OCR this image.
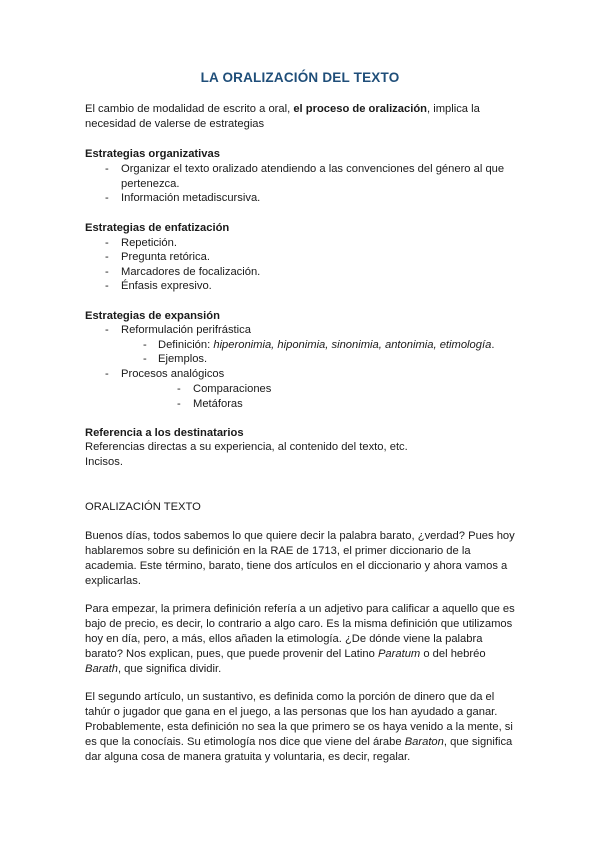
LA ORALIZACIÓN DEL TEXTO
El cambio de modalidad de escrito a oral, el proceso de oralización, implica la
necesidad de valerse de estrategias
Estrategias organizativas
- Organizar el texto oralizado atendiendo a las convenciones del género al que
pertenezca.
- Información metadiscursiva.
Estrategias de enfatización
- Repetición.
- Pregunta retórica.
- Marcadores de focalización.
- Énfasis expresivo.
Estrategias de expansión
- Reformulación perifrástica
- Definición: hiperonimia, hiponimia, sinonimia, antonimia, etimología.
- Ejemplos.
- Procesos analógicos
- Comparaciones
- Metáforas
Referencia a los destinatarios
Referencias directas a su experiencia, al contenido del texto, etc.
Incisos.
ORALIZACIÓN TEXTO
Buenos días, todos sabemos lo que quiere decir la palabra barato, ¿verdad? Pues hoy
hablaremos sobre su definición en la RAE de 1713, el primer diccionario de la
academia. Este término, barato, tiene dos artículos en el diccionario y ahora vamos a
explicarlas.
Para empezar, la primera definición refería a un adjetivo para calificar a aquello que es
bajo de precio, es decir, lo contrario a algo caro. Es la misma definición que utilizamos
hoy en día, pero, a más, ellos añaden la etimología. ¿De dónde viene la palabra
barato? Nos explican, pues, que puede provenir del Latino Paratum o del hebréo
Barath, que significa dividir.
El segundo artículo, un sustantivo, es definida como la porción de dinero que da el
tahúr o jugador que gana en el juego, a las personas que los han ayudado a ganar.
Probablemente, esta definición no sea la que primero se os haya venido a la mente, si
es que la conocíais. Su etimología nos dice que viene del árabe Baraton, que significa
dar alguna cosa de manera gratuita y voluntaria, es decir, regalar.
